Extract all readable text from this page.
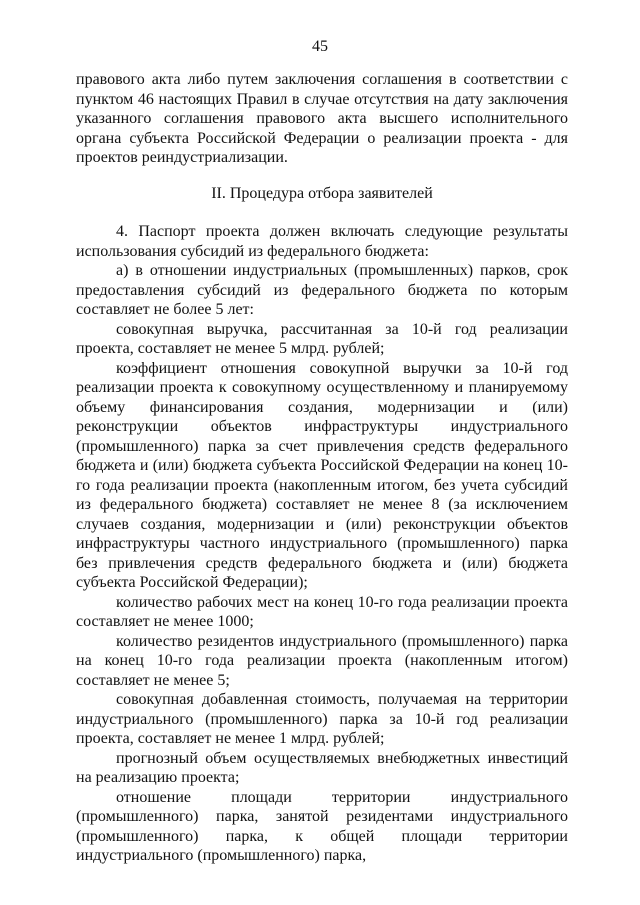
45

правового акта либо путем заключения соглашения в соответствии с пунктом 46 настоящих Правил в случае отсутствия на дату заключения указанного соглашения правового акта высшего исполнительного органа субъекта Российской Федерации о реализации проекта - для проектов реиндустриализации.

II. Процедура отбора заявителей

4. Паспорт проекта должен включать следующие результаты использования субсидий из федерального бюджета:

а) в отношении индустриальных (промышленных) парков, срок предоставления субсидий из федерального бюджета по которым составляет не более 5 лет:

совокупная выручка, рассчитанная за 10-й год реализации проекта, составляет не менее 5 млрд. рублей;

коэффициент отношения совокупной выручки за 10-й год реализации проекта к совокупному осуществленному и планируемому объему финансирования создания, модернизации и (или) реконструкции объектов инфраструктуры индустриального (промышленного) парка за счет привлечения средств федерального бюджета и (или) бюджета субъекта Российской Федерации на конец 10-го года реализации проекта (накопленным итогом, без учета субсидий из федерального бюджета) составляет не менее 8 (за исключением случаев создания, модернизации и (или) реконструкции объектов инфраструктуры частного индустриального (промышленного) парка без привлечения средств федерального бюджета и (или) бюджета субъекта Российской Федерации);

количество рабочих мест на конец 10-го года реализации проекта составляет не менее 1000;

количество резидентов индустриального (промышленного) парка на конец 10-го года реализации проекта (накопленным итогом) составляет не менее 5;

совокупная добавленная стоимость, получаемая на территории индустриального (промышленного) парка за 10-й год реализации проекта, составляет не менее 1 млрд. рублей;

прогнозный объем осуществляемых внебюджетных инвестиций на реализацию проекта;

отношение площади территории индустриального (промышленного) парка, занятой резидентами индустриального (промышленного) парка, к общей площади территории индустриального (промышленного) парка,
